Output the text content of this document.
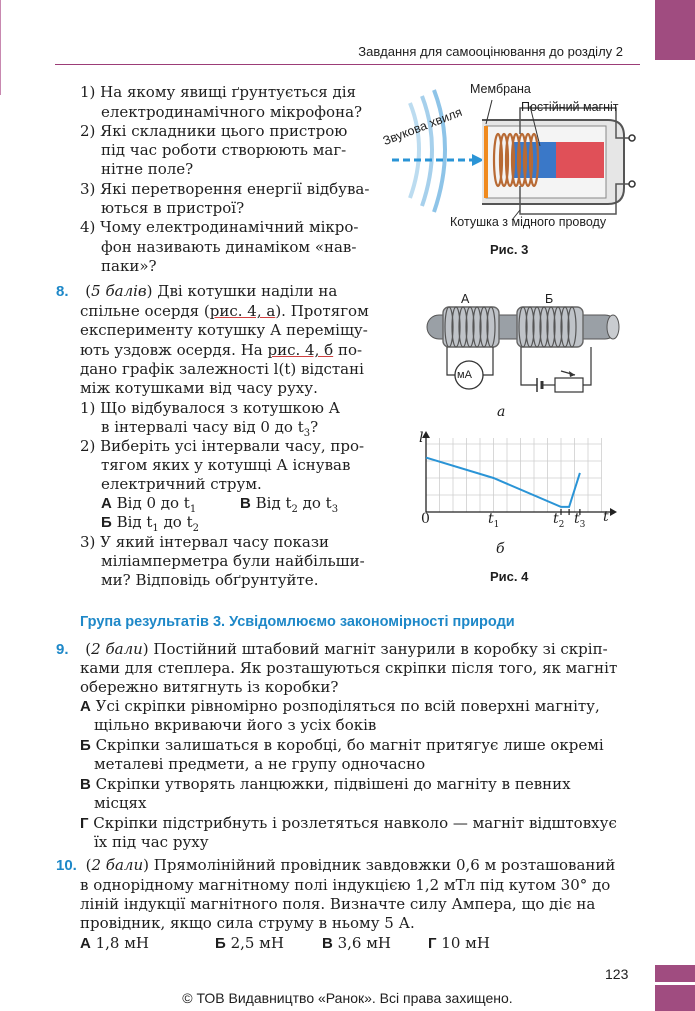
Завдання для самооцінювання до розділу 2
1) На якому явищі ґрунтується дія
електродинамічного мікрофона?
2) Які складники цього пристрою
під час роботи створюють маг-
нітне поле?
3) Які перетворення енергії відбува-
ються в пристрої?
4) Чому електродинамічний мікро-
фон називають динаміком «нав-
паки»?
Мембрана
Постійний магніт
Звукова хвиля
Котушка з мідного проводу
Рис. 3
8. (5 балів) Дві котушки наділи на
спільне осердя (рис. 4, а). Протягом
експерименту котушку А переміщу-
ють уздовж осердя. На рис. 4, б по-
дано графік залежності l(t) відстані
між котушками від часу руху.
1) Що відбувалося з котушкою А
в інтервалі часу від 0 до $t_3$?
2) Виберіть усі інтервали часу, про-
тягом яких у котушці А існував
електричний струм.
А Від 0 до $t_1$	В Від $t_2$ до $t_3$
Б Від $t_1$ до $t_2$
3) У який інтервал часу покази
міліамперметра були найбільши-
ми? Відповідь обґрунтуйте.
А	Б
мА
а
l
t
0	$t_1$	$t_2$ $t_3$
б
Рис. 4
Група результатів 3. Усвідомлюємо закономірності природи
9. (2 бали) Постійний штабовий магніт занурили в коробку зі скріп-
ками для степлера. Як розташуються скріпки після того, як магніт
обережно витягнуть із коробки?
А Усі скріпки рівномірно розподіляться по всій поверхні магніту,
щільно вкриваючи його з усіх боків
Б Скріпки залишаться в коробці, бо магніт притягує лише окремі
металеві предмети, а не групу одночасно
В Скріпки утворять ланцюжки, підвішені до магніту в певних
місцях
Г Скріпки підстрибнуть і розлетяться навколо — магніт відштовхує
їх під час руху
10. (2 бали) Прямолінійний провідник завдовжки 0,6 м розташований
в однорідному магнітному полі індукцією 1,2 мТл під кутом 30° до
ліній індукції магнітного поля. Визначте силу Ампера, що діє на
провідник, якщо сила струму в ньому 5 А.
А 1,8 мН	Б 2,5 мН	В 3,6 мН Г 10 мН
123
© ТОВ Видавництво «Ранок». Всі права захищено.
